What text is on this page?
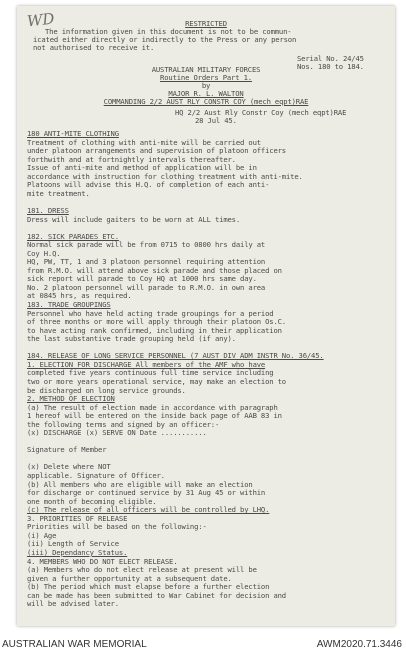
WD	RESTRICTED
The information given in this document is not to be commun-
icated either directly or indirectly to the Press or any person
not authorised to receive it.
Serial No. 24/45
Nos. 180 to 184.
AUSTRALIAN MILITARY FORCES
Routine Orders Part 1.
by
MAJOR R. L. WALTON
COMMANDING 2/2 AUST RLY CONSTR COY (mech eqpt)RAE
HQ 2/2 Aust Rly Constr Coy (mech eqpt)RAE
28 Jul 45.
180 ANTI-MITE CLOTHING
Treatment of clothing with anti-mite will be carried out
under platoon arrangements and supervision of platoon officers
forthwith and at fortnightly intervals thereafter.
Issue of anti-mite and method of application will be in
accordance with instruction for clothing treatment with anti-mite.
Platoons will advise this H.Q. of completion of each anti-
mite treatment.
181. DRESS
Dress will include gaiters to be worn at ALL times.
182. SICK PARADES ETC.
Normal sick parade will be from 0715 to 0800 hrs daily at
Coy H.Q.
HQ, PW, TT, 1 and 3 platoon personnel requiring attention
from R.M.O. will attend above sick parade and those placed on
sick report will parade to Coy HQ at 1000 hrs same day.
No. 2 platoon personnel will parade to R.M.O. in own area
at 0845 hrs, as required.
183. TRADE GROUPINGS
Personnel who have held acting trade groupings for a period
of three months or more will apply through their platoon Os.C.
to have acting rank confirmed, including in their application
the last substantive trade grouping held (if any).
184. RELEASE OF LONG SERVICE PERSONNEL (7 AUST DIV ADM INSTR No. 36/45.
1. ELECTION FOR DISCHARGE All members of the AMF who have
completed five years continuous full time service including
two or more years operational service, may make an election to
be discharged on long service grounds.
2. METHOD OF ELECTION
(a) The result of election made in accordance with paragraph
1 hereof will be entered on the inside back page of AAB 83 in
the following terms and signed by an officer:-
(x) DISCHARGE (x) SERVE ON Date ...........
Signature of Member
(x) Delete where NOT
applicable. Signature of Officer.
(b) All members who are eligible will make an election
for discharge or continued service by 31 Aug 45 or within
one month of becoming eligible.
(c) The release of all officers will be controlled by LHQ.
3. PRIORITIES OF RELEASE
Priorities will be based on the following:-
(i) Age
(ii) Length of Service
(iii) Dependancy Status.
4. MEMBERS WHO DO NOT ELECT RELEASE.
(a) Members who do not elect release at present will be
given a further opportunity at a subsequent date.
(b) The period which must elapse before a further election
can be made has been submitted to War Cabinet for decision and
will be advised later.
AUSTRALIAN WAR MEMORIAL	AWM2020.71.3446
